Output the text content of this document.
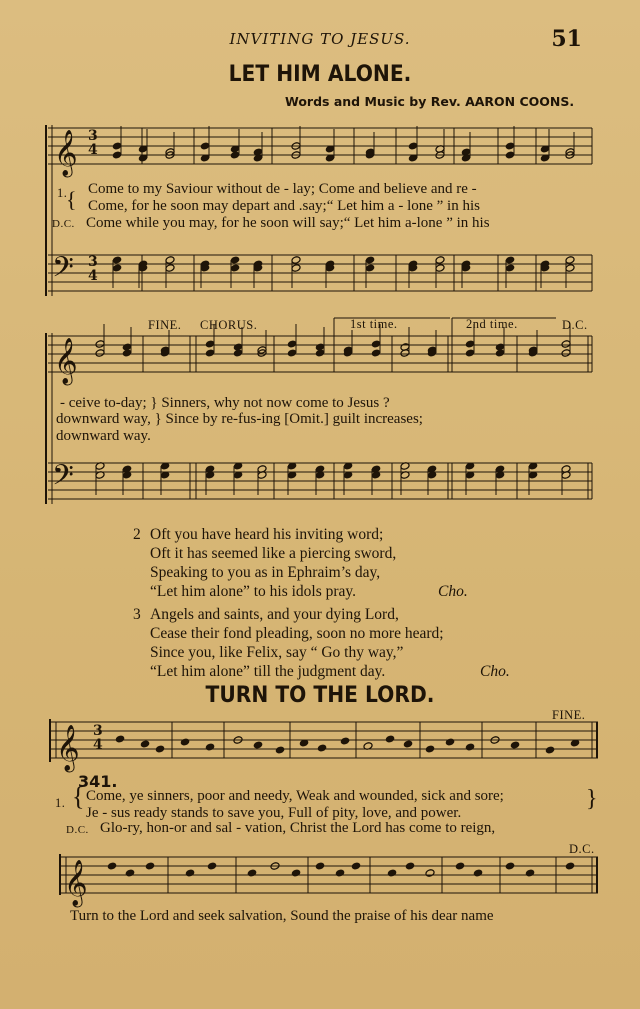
INVITING TO JESUS.	51
LET HIM ALONE.
Words and Music by Rev. AARON COONS.
𝄞 3
4
𝄢 3
4
𝄞
𝄢
𝄞 3
4
𝄞
{
1. Come to my Saviour without de - lay; Come and believe and re -
Come, for he soon may depart and .say;“ Let him a - lone ” in his
D.C. Come while you may, for he soon will say;“ Let him a-lone ” in his
FINE. CHORUS.	1st time.	2nd time.	D.C.
- ceive to-day; } Sinners, why not now come to Jesus ?
downward way, } Since by re-fus-ing [Omit.] guilt increases;
downward way.
2 Oft you have heard his inviting word;
Oft it has seemed like a piercing sword,
Speaking to you as in Ephraim’s day,
“Let him alone” to his idols pray.	Cho.
3 Angels and saints, and your dying Lord,
Cease their fond pleading, soon no more heard;
Since you, like Felix, say “ Go thy way,”
“Let him alone” till the judgment day.	Cho.
TURN TO THE LORD.
FINE.
341.
{
1. Come, ye sinners, poor and needy, Weak and wounded, sick and sore;
Je - sus ready stands to save you, Full of pity, love, and power.
}
D.C. Glo-ry, hon-or and sal - vation, Christ the Lord has come to reign,
D.C.
Turn to the Lord and seek salvation, Sound the praise of his dear name
